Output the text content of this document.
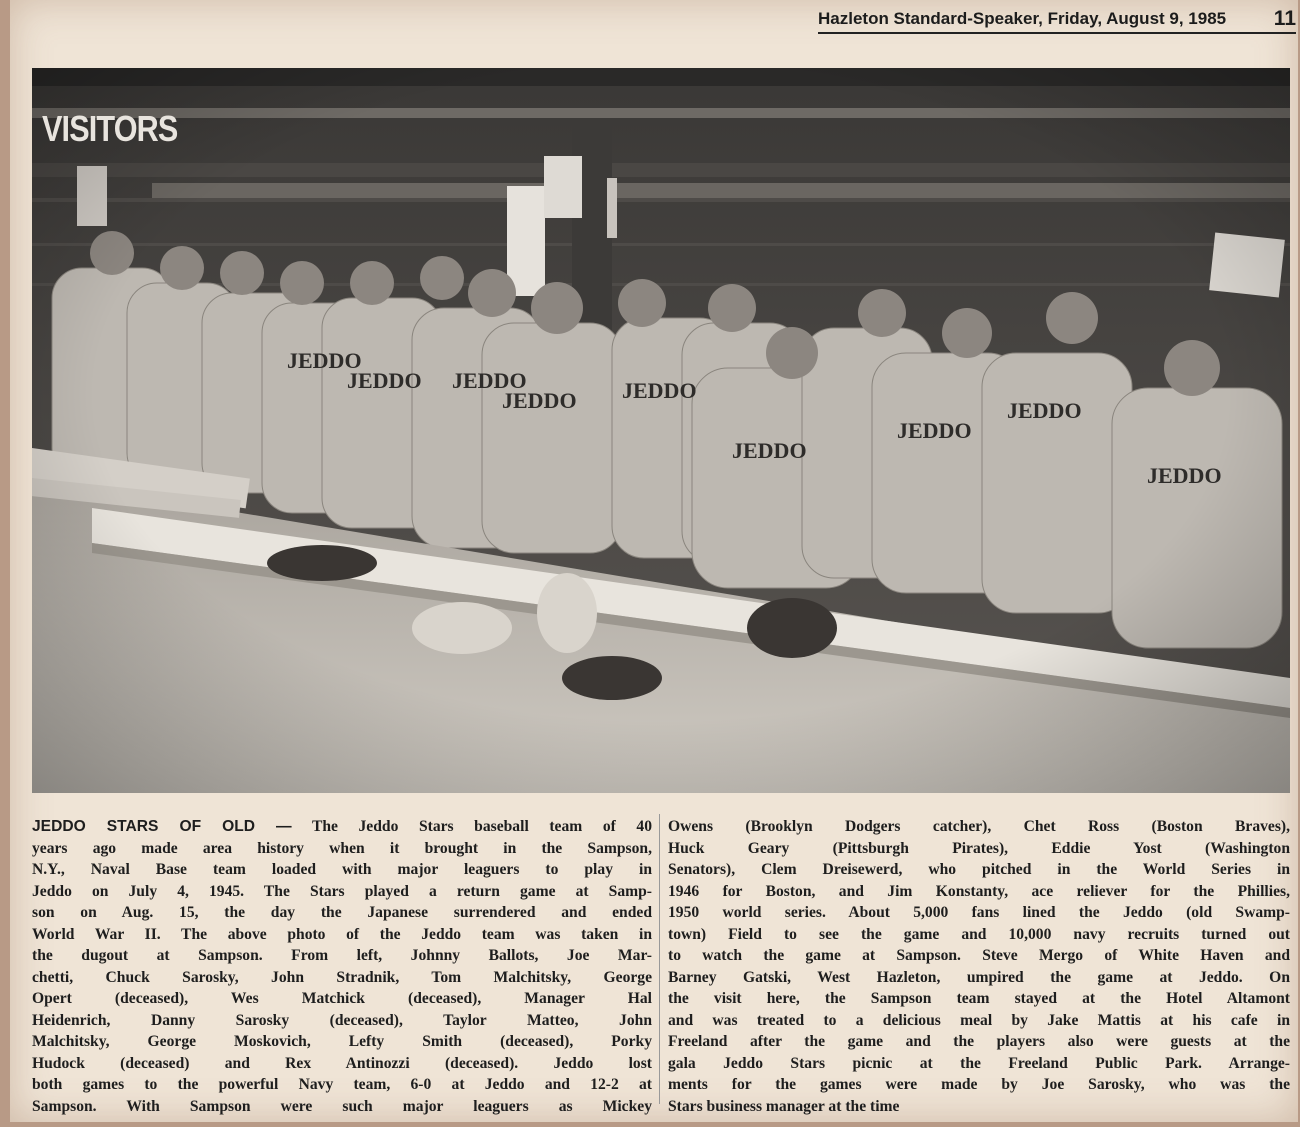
Hazleton Standard-Speaker, Friday, August 9, 1985 11
VISITORS
JEDDO STARS OF OLD — The Jeddo Stars baseball team of 40
years ago made area history when it brought in the Sampson,
N.Y., Naval Base team loaded with major leaguers to play in
Jeddo on July 4, 1945. The Stars played a return game at Samp-
son on Aug. 15, the day the Japanese surrendered and ended
World War II. The above photo of the Jeddo team was taken in
the dugout at Sampson. From left, Johnny Ballots, Joe Mar-
chetti, Chuck Sarosky, John Stradnik, Tom Malchitsky, George
Opert (deceased), Wes Matchick (deceased), Manager Hal
Heidenrich, Danny Sarosky (deceased), Taylor Matteo, John
Malchitsky, George Moskovich, Lefty Smith (deceased), Porky
Hudock (deceased) and Rex Antinozzi (deceased). Jeddo lost
both games to the powerful Navy team, 6-0 at Jeddo and 12-2 at
Sampson. With Sampson were such major leaguers as Mickey
Owens (Brooklyn Dodgers catcher), Chet Ross (Boston Braves),
Huck Geary (Pittsburgh Pirates), Eddie Yost (Washington
Senators), Clem Dreisewerd, who pitched in the World Series in
1946 for Boston, and Jim Konstanty, ace reliever for the Phillies,
1950 world series. About 5,000 fans lined the Jeddo (old Swamp-
town) Field to see the game and 10,000 navy recruits turned out
to watch the game at Sampson. Steve Mergo of White Haven and
Barney Gatski, West Hazleton, umpired the game at Jeddo. On
the visit here, the Sampson team stayed at the Hotel Altamont
and was treated to a delicious meal by Jake Mattis at his cafe in
Freeland after the game and the players also were guests at the
gala Jeddo Stars picnic at the Freeland Public Park. Arrange-
ments for the games were made by Joe Sarosky, who was the
Stars business manager at the time
